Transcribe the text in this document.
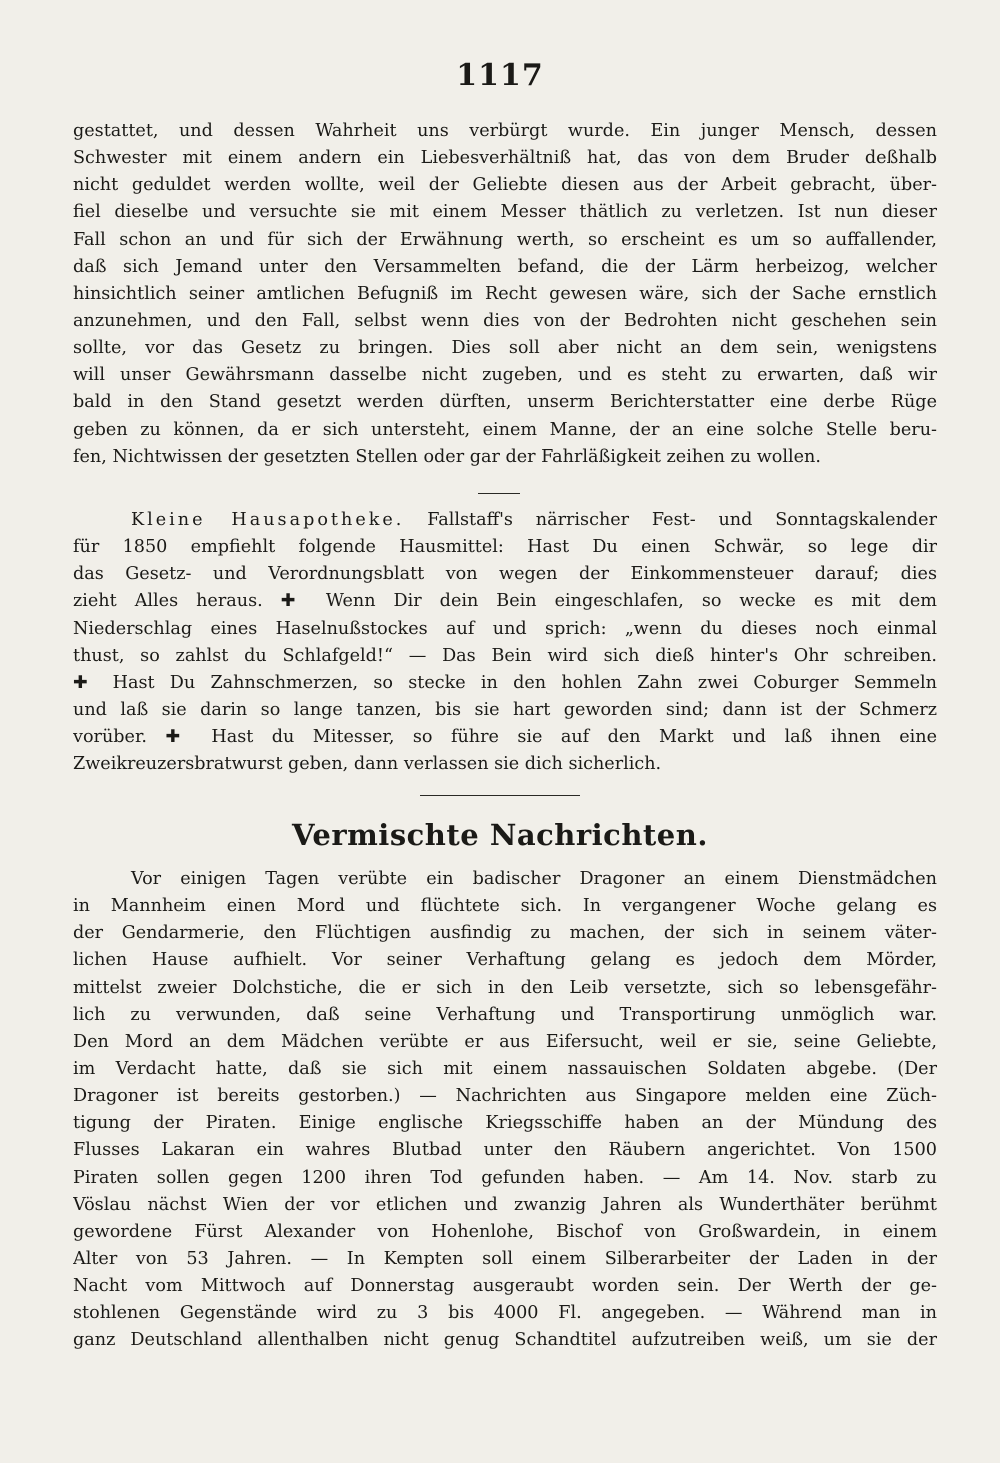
1117
gestattet, und dessen Wahrheit uns verbürgt wurde. Ein junger Mensch, dessen
Schwester mit einem andern ein Liebesverhältniß hat, das von dem Bruder deßhalb
nicht geduldet werden wollte, weil der Geliebte diesen aus der Arbeit gebracht, über-
fiel dieselbe und versuchte sie mit einem Messer thätlich zu verletzen. Ist nun dieser
Fall schon an und für sich der Erwähnung werth, so erscheint es um so auffallender,
daß sich Jemand unter den Versammelten befand, die der Lärm herbeizog, welcher
hinsichtlich seiner amtlichen Befugniß im Recht gewesen wäre, sich der Sache ernstlich
anzunehmen, und den Fall, selbst wenn dies von der Bedrohten nicht geschehen sein
sollte, vor das Gesetz zu bringen. Dies soll aber nicht an dem sein, wenigstens
will unser Gewährsmann dasselbe nicht zugeben, und es steht zu erwarten, daß wir
bald in den Stand gesetzt werden dürften, unserm Berichterstatter eine derbe Rüge
geben zu können, da er sich untersteht, einem Manne, der an eine solche Stelle beru-
fen, Nichtwissen der gesetzten Stellen oder gar der Fahrläßigkeit zeihen zu wollen.
Kleine Hausapotheke. Fallstaff's närrischer Fest- und Sonntagskalender
für 1850 empfiehlt folgende Hausmittel: Hast Du einen Schwär, so lege dir
das Gesetz- und Verordnungsblatt von wegen der Einkommensteuer darauf; dies
zieht Alles heraus. ✚ Wenn Dir dein Bein eingeschlafen, so wecke es mit dem
Niederschlag eines Haselnußstockes auf und sprich: „wenn du dieses noch einmal
thust, so zahlst du Schlafgeld!“ — Das Bein wird sich dieß hinter's Ohr schreiben.
✚ Hast Du Zahnschmerzen, so stecke in den hohlen Zahn zwei Coburger Semmeln
und laß sie darin so lange tanzen, bis sie hart geworden sind; dann ist der Schmerz
vorüber. ✚ Hast du Mitesser, so führe sie auf den Markt und laß ihnen eine
Zweikreuzersbratwurst geben, dann verlassen sie dich sicherlich.
Vermischte Nachrichten.
Vor einigen Tagen verübte ein badischer Dragoner an einem Dienstmädchen
in Mannheim einen Mord und flüchtete sich. In vergangener Woche gelang es
der Gendarmerie, den Flüchtigen ausfindig zu machen, der sich in seinem väter-
lichen Hause aufhielt. Vor seiner Verhaftung gelang es jedoch dem Mörder,
mittelst zweier Dolchstiche, die er sich in den Leib versetzte, sich so lebensgefähr-
lich zu verwunden, daß seine Verhaftung und Transportirung unmöglich war.
Den Mord an dem Mädchen verübte er aus Eifersucht, weil er sie, seine Geliebte,
im Verdacht hatte, daß sie sich mit einem nassauischen Soldaten abgebe. (Der
Dragoner ist bereits gestorben.) — Nachrichten aus Singapore melden eine Züch-
tigung der Piraten. Einige englische Kriegsschiffe haben an der Mündung des
Flusses Lakaran ein wahres Blutbad unter den Räubern angerichtet. Von 1500
Piraten sollen gegen 1200 ihren Tod gefunden haben. — Am 14. Nov. starb zu
Vöslau nächst Wien der vor etlichen und zwanzig Jahren als Wunderthäter berühmt
gewordene Fürst Alexander von Hohenlohe, Bischof von Großwardein, in einem
Alter von 53 Jahren. — In Kempten soll einem Silberarbeiter der Laden in der
Nacht vom Mittwoch auf Donnerstag ausgeraubt worden sein. Der Werth der ge-
stohlenen Gegenstände wird zu 3 bis 4000 Fl. angegeben. — Während man in
ganz Deutschland allenthalben nicht genug Schandtitel aufzutreiben weiß, um sie der
